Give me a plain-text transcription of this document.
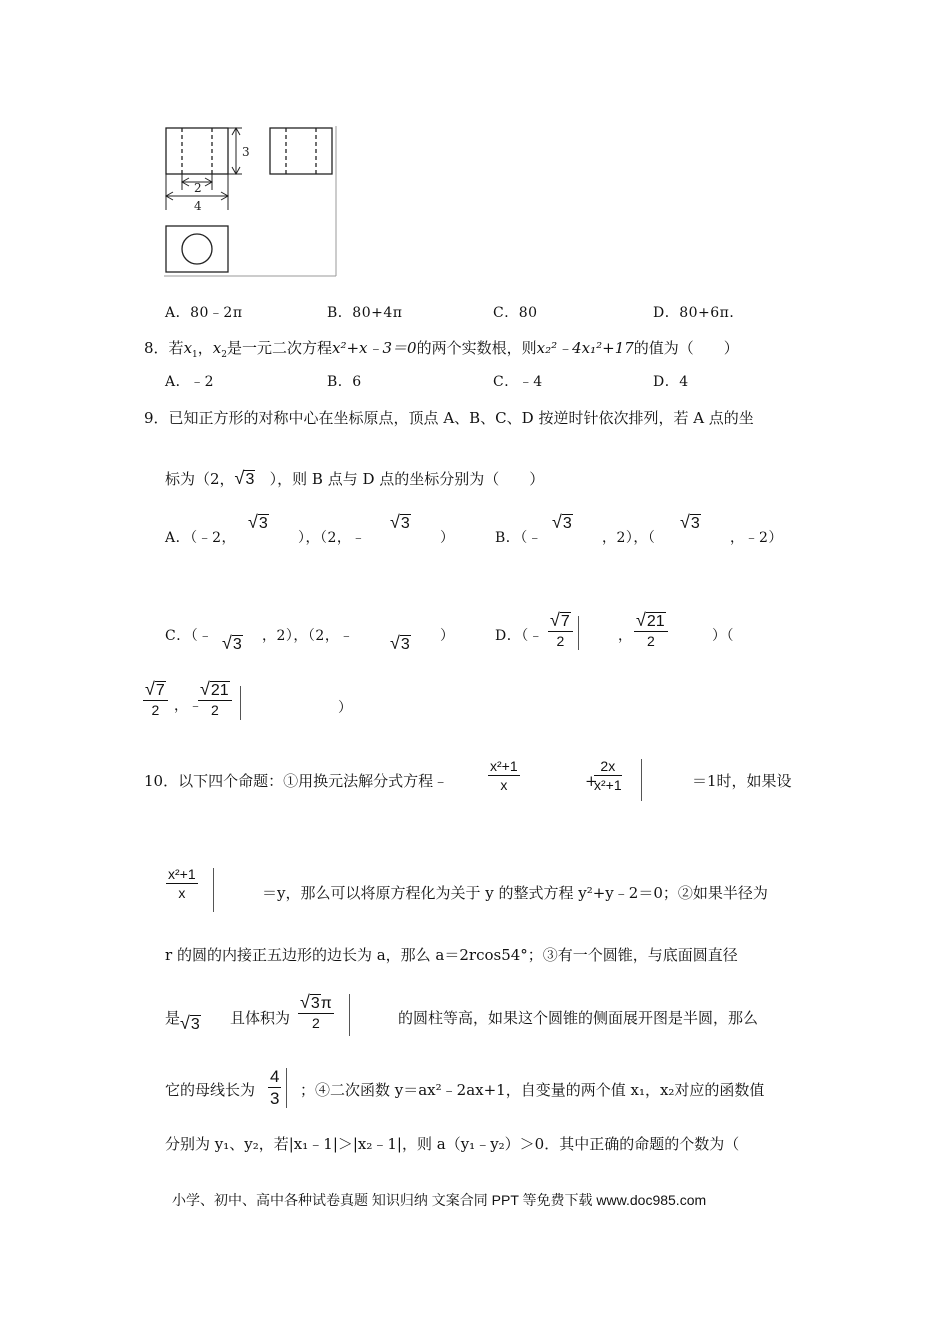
3
2
4
A．80﹣2π	B．80+4π	C．80	D．80+6π．
8．若$x_1$，$x_2$是一元二次方程x²+x﹣3＝0的两个实数根，则x₂²﹣4x₁²+17的值为（　　）
A．﹣2	B．6	C．﹣4	D．4
9．已知正方形的对称中心在坐标原点，顶点 A、B、C、D 按逆时针依次排列，若 A 点的坐
标为（2，√3 ），则 B 点与 D 点的坐标分别为（　　）
A．（﹣2，
√3
），（2，﹣
√3
）	B．（﹣
√3
，2），（
√3
，﹣2）
C．（﹣ √3 ，2），（2，﹣ √3 ）	D．（﹣ $\frac{√7}{2}$	， $\frac{√21}{2}$	）（
$\frac{√7}{2}$ ，﹣
$\frac{√21}{2}$	）
10．以下四个命题：①用换元法解分式方程﹣	$\frac{\text{x²+1}}{x}$	+
$\frac{2x}{\text{x²+1}}$	＝1时，如果设
$\frac{\text{x²+1}}{x}$	＝y，那么可以将原方程化为关于 y 的整式方程 y²+y﹣2＝0；②如果半径为
r 的圆的内接正五边形的边长为 a，那么 a＝2rcos54°；③有一个圆锥，与底面圆直径
是 √3 且体积为 $\frac{√3\pi}{2}$	的圆柱等高，如果这个圆锥的侧面展开图是半圆，那么
它的母线长为 $\frac{4}{3}$ ；④二次函数 y＝ax²﹣2ax+1，自变量的两个值 x₁，x₂对应的函数值
分别为 y₁、y₂，若|x₁﹣1|＞|x₂﹣1|，则 a（y₁﹣y₂）＞0．其中正确的命题的个数为（
小学、初中、高中各种试卷真题 知识归纳 文案合同 PPT 等免费下载 www.doc985.com
